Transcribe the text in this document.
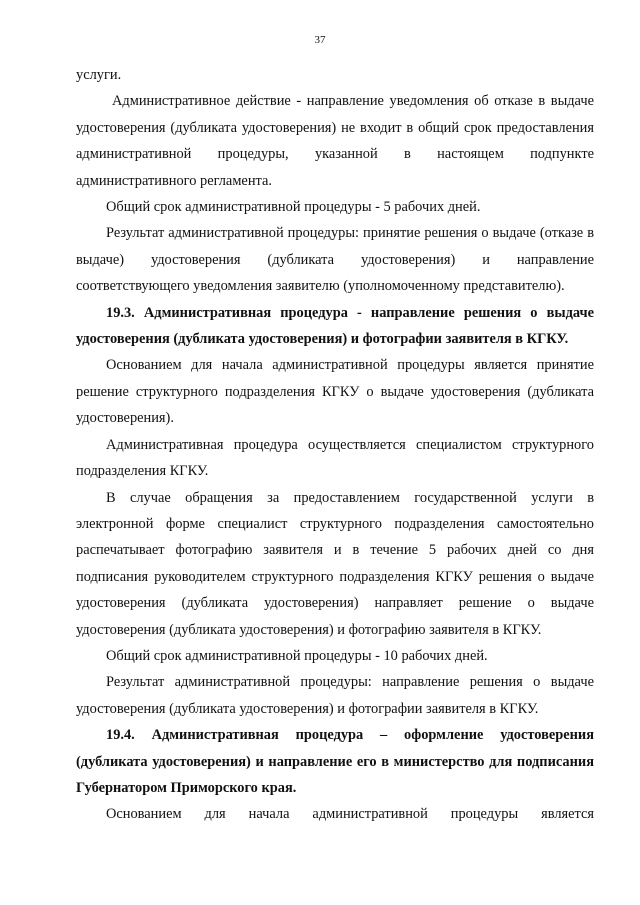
37

услуги.

Административное действие - направление уведомления об отказе в выдаче удостоверения (дубликата удостоверения) не входит в общий срок предоставления административной процедуры, указанной в настоящем подпункте административного регламента.

Общий срок административной процедуры - 5 рабочих дней.

Результат административной процедуры: принятие решения о выдаче (отказе в выдаче) удостоверения (дубликата удостоверения) и направление соответствующего уведомления заявителю (уполномоченному представителю).

19.3. Административная процедура - направление решения о выдаче удостоверения (дубликата удостоверения) и фотографии заявителя в КГКУ.

Основанием для начала административной процедуры является принятие решение структурного подразделения КГКУ о выдаче удостоверения (дубликата удостоверения).

Административная процедура осуществляется специалистом структурного подразделения КГКУ.

В случае обращения за предоставлением государственной услуги в электронной форме специалист структурного подразделения самостоятельно распечатывает фотографию заявителя и в течение 5 рабочих дней со дня подписания руководителем структурного подразделения КГКУ решения о выдаче удостоверения (дубликата удостоверения) направляет решение о выдаче удостоверения (дубликата удостоверения) и фотографию заявителя в КГКУ.

Общий срок административной процедуры - 10 рабочих дней.

Результат административной процедуры: направление решения о выдаче удостоверения (дубликата удостоверения) и фотографии заявителя в КГКУ.

19.4. Административная процедура – оформление удостоверения (дубликата удостоверения) и направление его в министерство для подписания Губернатором Приморского края.

Основанием для начала административной процедуры является
